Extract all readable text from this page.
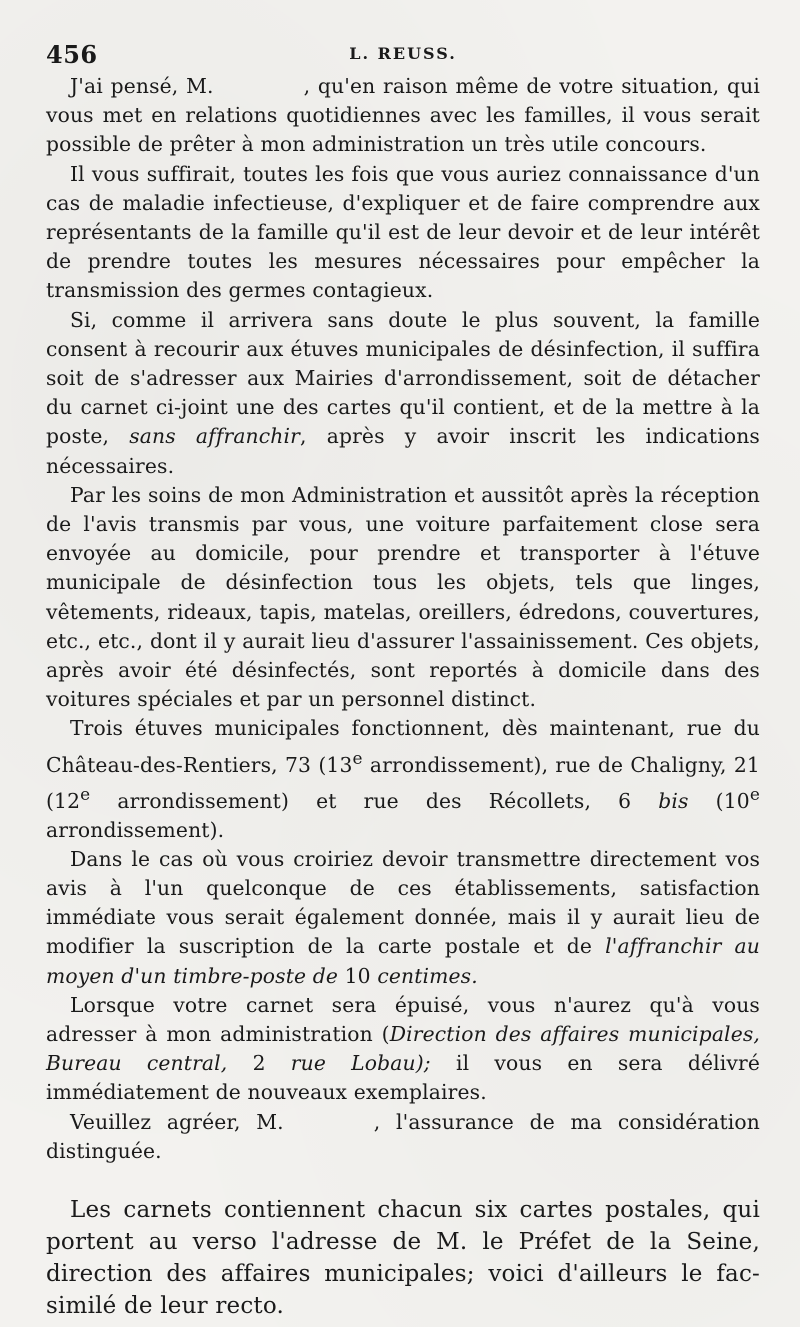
456	L. REUSS.

J'ai pensé, M.	, qu'en raison même de votre situation, qui vous met en relations quotidiennes avec les familles, il vous serait possible de prêter à mon administration un très utile concours.

Il vous suffirait, toutes les fois que vous auriez connaissance d'un cas de maladie infectieuse, d'expliquer et de faire comprendre aux représentants de la famille qu'il est de leur devoir et de leur intérêt de prendre toutes les mesures nécessaires pour empêcher la transmission des germes contagieux.

Si, comme il arrivera sans doute le plus souvent, la famille consent à recourir aux étuves municipales de désinfection, il suffira soit de s'adresser aux Mairies d'arrondissement, soit de détacher du carnet ci-joint une des cartes qu'il contient, et de la mettre à la poste, sans affranchir, après y avoir inscrit les indications nécessaires.

Par les soins de mon Administration et aussitôt après la réception de l'avis transmis par vous, une voiture parfaitement close sera envoyée au domicile, pour prendre et transporter à l'étuve municipale de désinfection tous les objets, tels que linges, vêtements, rideaux, tapis, matelas, oreillers, édredons, couvertures, etc., etc., dont il y aurait lieu d'assurer l'assainissement. Ces objets, après avoir été désinfectés, sont reportés à domicile dans des voitures spéciales et par un personnel distinct.

Trois étuves municipales fonctionnent, dès maintenant, rue du Château-des-Rentiers, 73 (13e arrondissement), rue de Chaligny, 21 (12e arrondissement) et rue des Récollets, 6 bis (10e arrondissement).

Dans le cas où vous croiriez devoir transmettre directement vos avis à l'un quelconque de ces établissements, satisfaction immédiate vous serait également donnée, mais il y aurait lieu de modifier la suscription de la carte postale et de l'affranchir au moyen d'un timbre-poste de 10 centimes.

Lorsque votre carnet sera épuisé, vous n'aurez qu'à vous adresser à mon administration (Direction des affaires municipales, Bureau central, 2 rue Lobau); il vous en sera délivré immédiatement de nouveaux exemplaires.

Veuillez agréer, M.	, l'assurance de ma considération distinguée.

Les carnets contiennent chacun six cartes postales, qui portent au verso l'adresse de M. le Préfet de la Seine, direction des affaires municipales; voici d'ailleurs le fac-similé de leur recto.
